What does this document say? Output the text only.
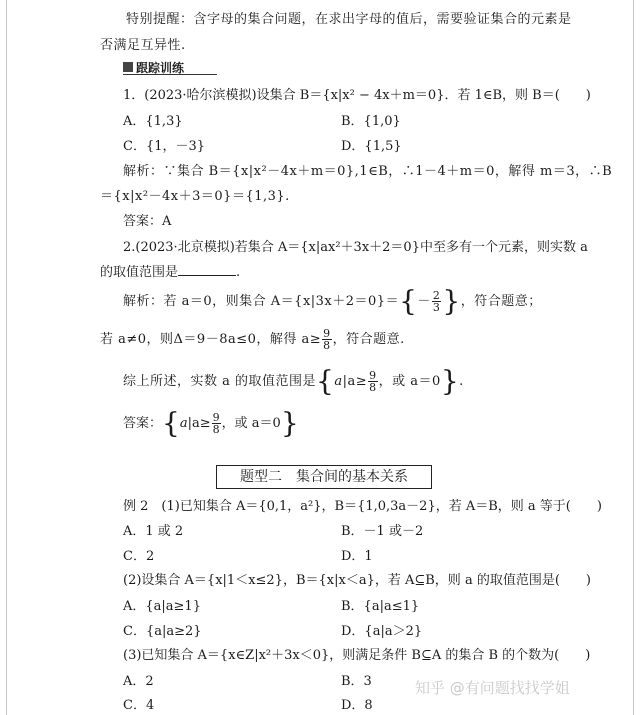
特别提醒：含字母的集合问题，在求出字母的值后，需要验证集合的元素是
否满足互异性.
跟踪训练
1．(2023·哈尔滨模拟)设集合 B＝{x|x² − 4x＋m＝0}．若 1∈B，则 B＝(　　)
A．{1,3}	B．{1,0}
C．{1，－3}	D．{1,5}
解析：∵集合 B＝{x|x²－4x＋m＝0},1∈B，∴1－4＋m＝0，解得 m＝3，∴B
＝{x|x²－4x＋3＝0}＝{1,3}.
答案：A
2.(2023·北京模拟)若集合 A＝{x|ax²＋3x＋2＝0}中至多有一个元素，则实数 a
的取值范围是	.
解析：若 a＝0，则集合 $A=\{x|3x+2=0\}=\{- \frac{2}{3}$ }，符合题意；
若 a≠0，则Δ＝9－8a≤0，解得 $a\ge \frac{9}{8}$ ，符合题意.
综上所述，实数 a 的取值范围是{$a|a\ge \frac{9}{8}$ ，或 a＝0}.
答案：{$a|a\ge \frac{9}{8}$ ，或 a＝0}
题型二　集合间的基本关系
例 2　(1)已知集合 A＝{0,1，a²}，B＝{1,0,3a－2}，若 A＝B，则 a 等于(　　)
A．1 或 2	B．－1 或－2
C．2	D．1
(2)设集合 A＝{x|1＜x≤2}，B＝{x|x＜a}，若 A⊆B，则 a 的取值范围是(　　)
A．{a|a≥1}	B．{a|a≤1}
C．{a|a≥2}	D．{a|a＞2}
(3)已知集合 A＝{x∈Z|x²＋3x＜0}，则满足条件 B⊆A 的集合 B 的个数为(　　)
A．2	B．3
C．4	D．8
知乎 @有问题找找学姐
